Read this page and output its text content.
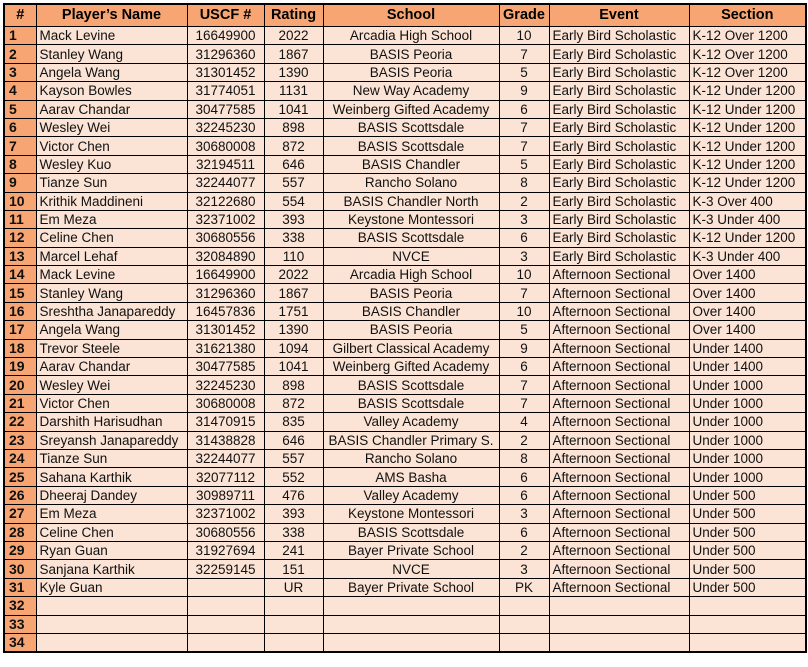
#	Player’s Name	USCF #	Rating	School	Grade	Event	Section
1	Mack Levine	16649900	2022	Arcadia High School	10	Early Bird Scholastic	K-12 Over 1200
2	Stanley Wang	31296360	1867	BASIS Peoria	7	Early Bird Scholastic	K-12 Over 1200
3	Angela Wang	31301452	1390	BASIS Peoria	5	Early Bird Scholastic	K-12 Over 1200
4	Kayson Bowles	31774051	1131	New Way Academy	9	Early Bird Scholastic	K-12 Under 1200
5	Aarav Chandar	30477585	1041	Weinberg Gifted Academy	6	Early Bird Scholastic	K-12 Under 1200
6	Wesley Wei	32245230	898	BASIS Scottsdale	7	Early Bird Scholastic	K-12 Under 1200
7	Victor Chen	30680008	872	BASIS Scottsdale	7	Early Bird Scholastic	K-12 Under 1200
8	Wesley Kuo	32194511	646	BASIS Chandler	5	Early Bird Scholastic	K-12 Under 1200
9	Tianze Sun	32244077	557	Rancho Solano	8	Early Bird Scholastic	K-12 Under 1200
10	Krithik Maddineni	32122680	554	BASIS Chandler North	2	Early Bird Scholastic	K-3 Over 400
11	Em Meza	32371002	393	Keystone Montessori	3	Early Bird Scholastic	K-3 Under 400
12	Celine Chen	30680556	338	BASIS Scottsdale	6	Early Bird Scholastic	K-12 Under 1200
13	Marcel Lehaf	32084890	110	NVCE	3	Early Bird Scholastic	K-3 Under 400
14	Mack Levine	16649900	2022	Arcadia High School	10	Afternoon Sectional	Over 1400
15	Stanley Wang	31296360	1867	BASIS Peoria	7	Afternoon Sectional	Over 1400
16	Sreshtha Janapareddy	16457836	1751	BASIS Chandler	10	Afternoon Sectional	Over 1400
17	Angela Wang	31301452	1390	BASIS Peoria	5	Afternoon Sectional	Over 1400
18	Trevor Steele	31621380	1094	Gilbert Classical Academy	9	Afternoon Sectional	Under 1400
19	Aarav Chandar	30477585	1041	Weinberg Gifted Academy	6	Afternoon Sectional	Under 1400
20	Wesley Wei	32245230	898	BASIS Scottsdale	7	Afternoon Sectional	Under 1000
21	Victor Chen	30680008	872	BASIS Scottsdale	7	Afternoon Sectional	Under 1000
22	Darshith Harisudhan	31470915	835	Valley Academy	4	Afternoon Sectional	Under 1000
23	Sreyansh Janapareddy	31438828	646	BASIS Chandler Primary S.	2	Afternoon Sectional	Under 1000
24	Tianze Sun	32244077	557	Rancho Solano	8	Afternoon Sectional	Under 1000
25	Sahana Karthik	32077112	552	AMS Basha	6	Afternoon Sectional	Under 1000
26	Dheeraj Dandey	30989711	476	Valley Academy	6	Afternoon Sectional	Under 500
27	Em Meza	32371002	393	Keystone Montessori	3	Afternoon Sectional	Under 500
28	Celine Chen	30680556	338	BASIS Scottsdale	6	Afternoon Sectional	Under 500
29	Ryan Guan	31927694	241	Bayer Private School	2	Afternoon Sectional	Under 500
30	Sanjana Karthik	32259145	151	NVCE	3	Afternoon Sectional	Under 500
31	Kyle Guan		UR	Bayer Private School	PK	Afternoon Sectional	Under 500
32							
33							
34							
